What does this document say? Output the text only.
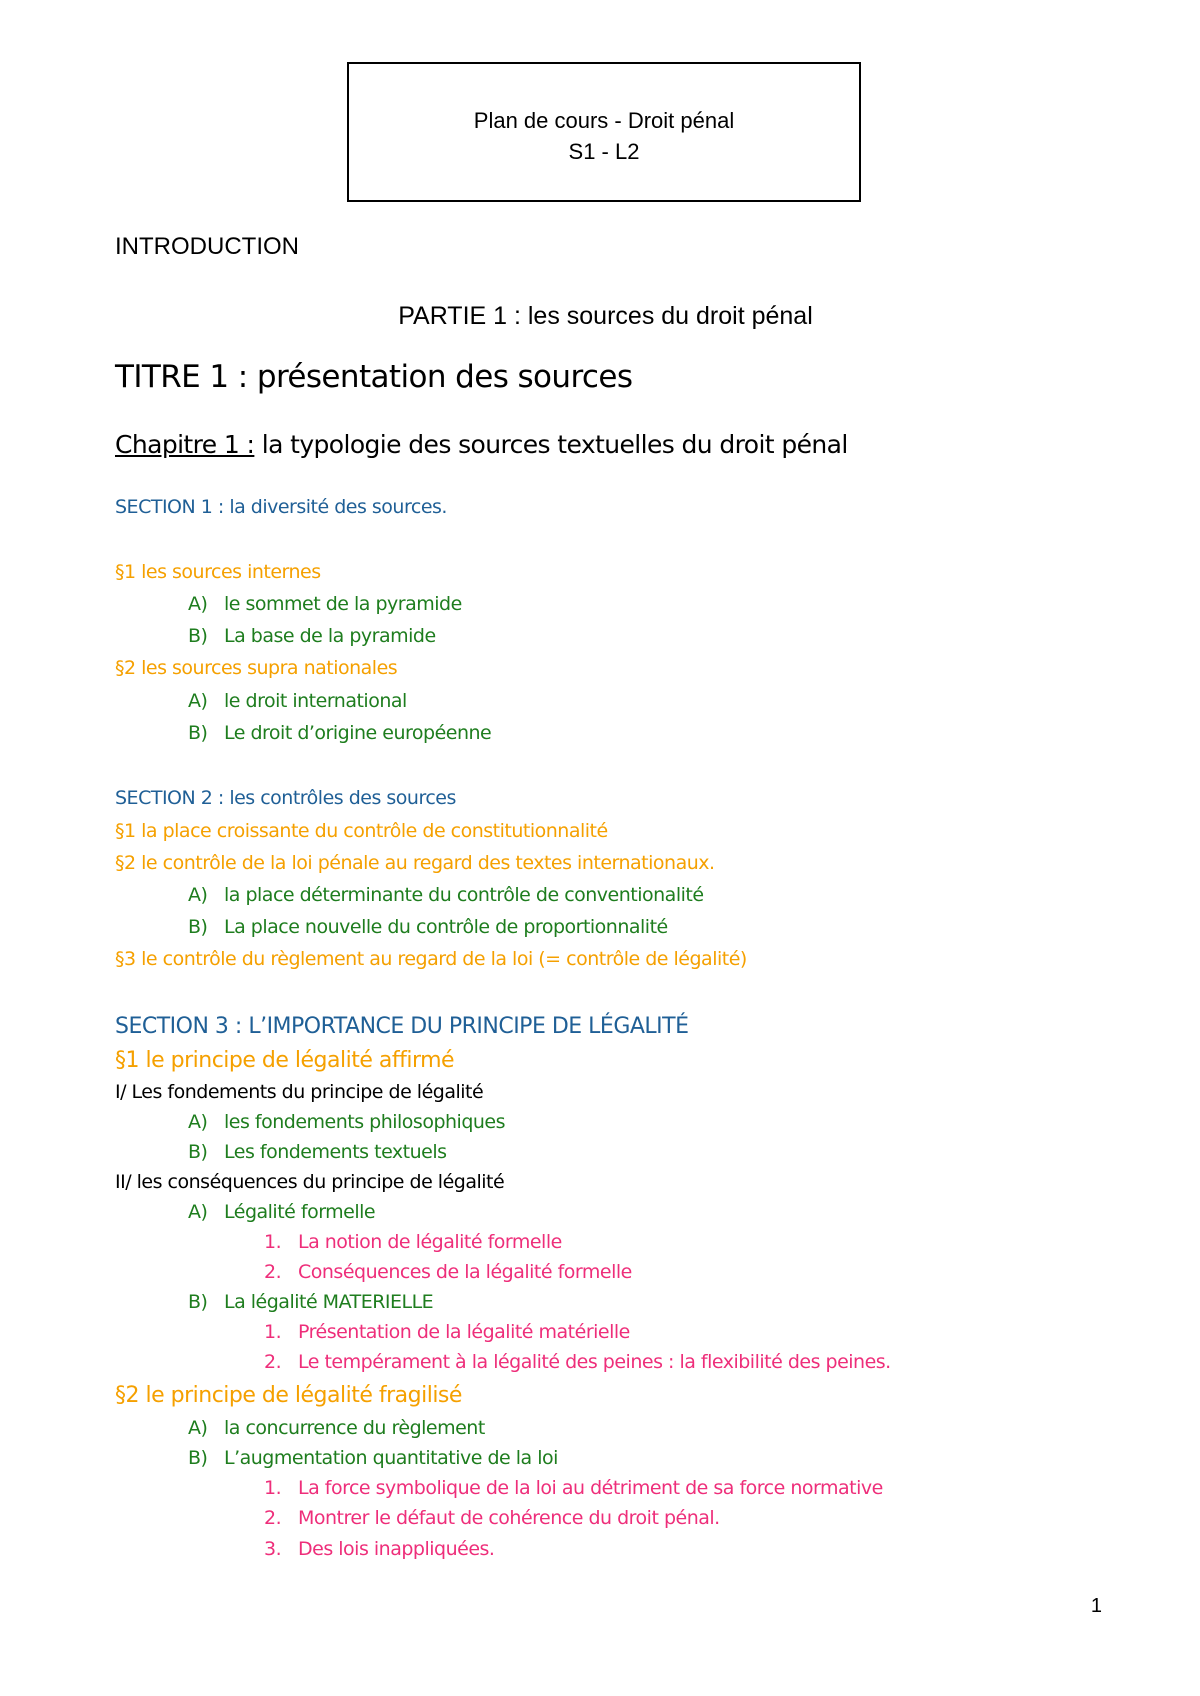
Plan de cours - Droit pénal
S1 - L2
INTRODUCTION
PARTIE 1 : les sources du droit pénal
TITRE 1 : présentation des sources
Chapitre 1 : la typologie des sources textuelles du droit pénal
SECTION 1 : la diversité des sources.
§1 les sources internes
A) le sommet de la pyramide
B) La base de la pyramide
§2 les sources supra nationales
A) le droit international
B) Le droit d’origine européenne
SECTION 2 : les contrôles des sources
§1 la place croissante du contrôle de constitutionnalité
§2 le contrôle de la loi pénale au regard des textes internationaux.
A) la place déterminante du contrôle de conventionalité
B) La place nouvelle du contrôle de proportionnalité
§3 le contrôle du règlement au regard de la loi (= contrôle de légalité)
SECTION 3 : L’IMPORTANCE DU PRINCIPE DE LÉGALITÉ
§1 le principe de légalité affirmé
I/ Les fondements du principe de légalité
A) les fondements philosophiques
B) Les fondements textuels
II/ les conséquences du principe de légalité
A) Légalité formelle
1. La notion de légalité formelle
2. Conséquences de la légalité formelle
B) La légalité MATERIELLE
1. Présentation de la légalité matérielle
2. Le tempérament à la légalité des peines : la flexibilité des peines.
§2 le principe de légalité fragilisé
A) la concurrence du règlement
B) L’augmentation quantitative de la loi
1. La force symbolique de la loi au détriment de sa force normative
2. Montrer le défaut de cohérence du droit pénal.
3. Des lois inappliquées.
1
